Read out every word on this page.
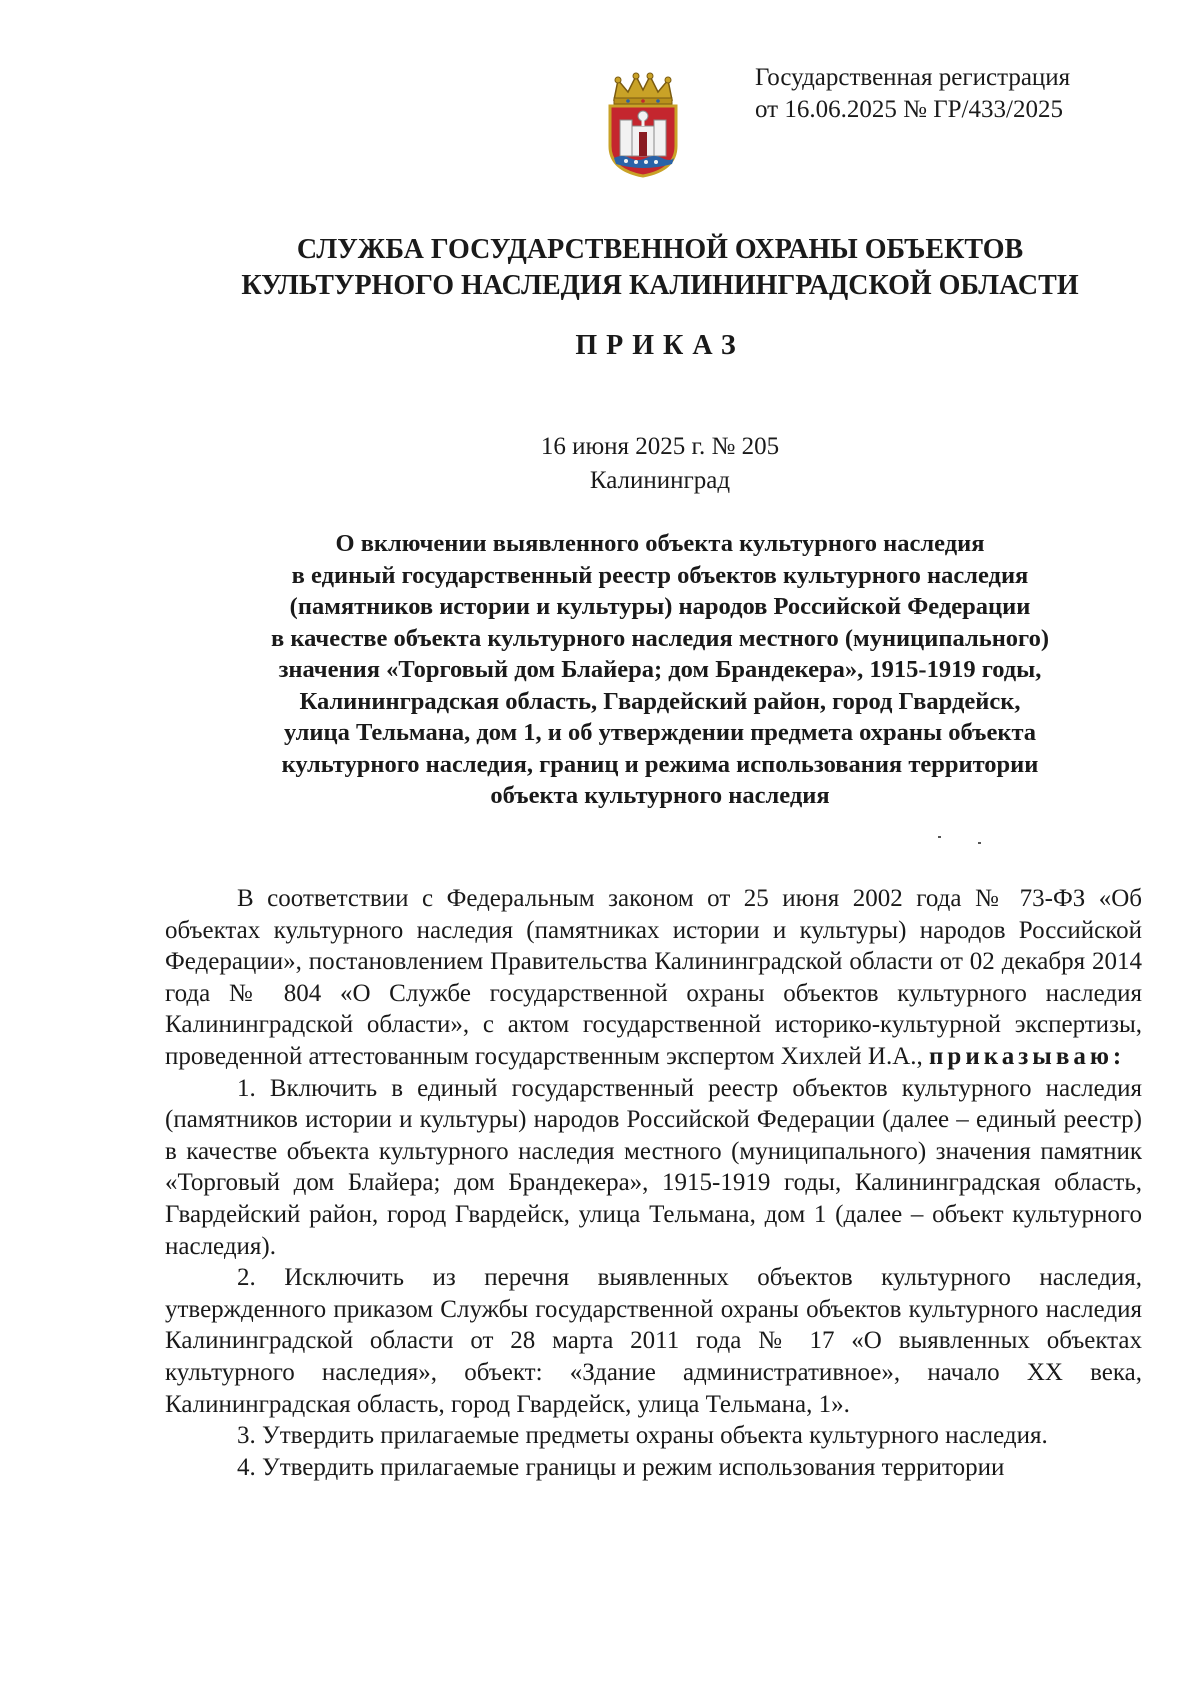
Государственная регистрация
от 16.06.2025 № ГР/433/2025
СЛУЖБА ГОСУДАРСТВЕННОЙ ОХРАНЫ ОБЪЕКТОВ
КУЛЬТУРНОГО НАСЛЕДИЯ КАЛИНИНГРАДСКОЙ ОБЛАСТИ
ПРИКАЗ
16 июня 2025 г. № 205
Калининград
О включении выявленного объекта культурного наследия
в единый государственный реестр объектов культурного наследия
(памятников истории и культуры) народов Российской Федерации
в качестве объекта культурного наследия местного (муниципального)
значения «Торговый дом Блайера; дом Брандекера», 1915-1919 годы,
Калининградская область, Гвардейский район, город Гвардейск,
улица Тельмана, дом 1, и об утверждении предмета охраны объекта
культурного наследия, границ и режима использования территории
объекта культурного наследия

В соответствии с Федеральным законом от 25 июня 2002 года № 73-ФЗ «Об объектах культурного наследия (памятниках истории и культуры) народов Российской Федерации», постановлением Правительства Калининградской области от 02 декабря 2014 года № 804 «О Службе государственной охраны объектов культурного наследия Калининградской области», с актом государственной историко-культурной экспертизы, проведенной аттестованным государственным экспертом Хихлей И.А., приказываю:

1. Включить в единый государственный реестр объектов культурного наследия (памятников истории и культуры) народов Российской Федерации (далее – единый реестр) в качестве объекта культурного наследия местного (муниципального) значения памятник «Торговый дом Блайера; дом Брандекера», 1915-1919 годы, Калининградская область, Гвардейский район, город Гвардейск, улица Тельмана, дом 1 (далее – объект культурного наследия).

2. Исключить из перечня выявленных объектов культурного наследия, утвержденного приказом Службы государственной охраны объектов культурного наследия Калининградской области от 28 марта 2011 года № 17 «О выявленных объектах культурного наследия», объект: «Здание административное», начало XX века, Калининградская область, город Гвардейск, улица Тельмана, 1».

3. Утвердить прилагаемые предметы охраны объекта культурного наследия.

4. Утвердить прилагаемые границы и режим использования территории
